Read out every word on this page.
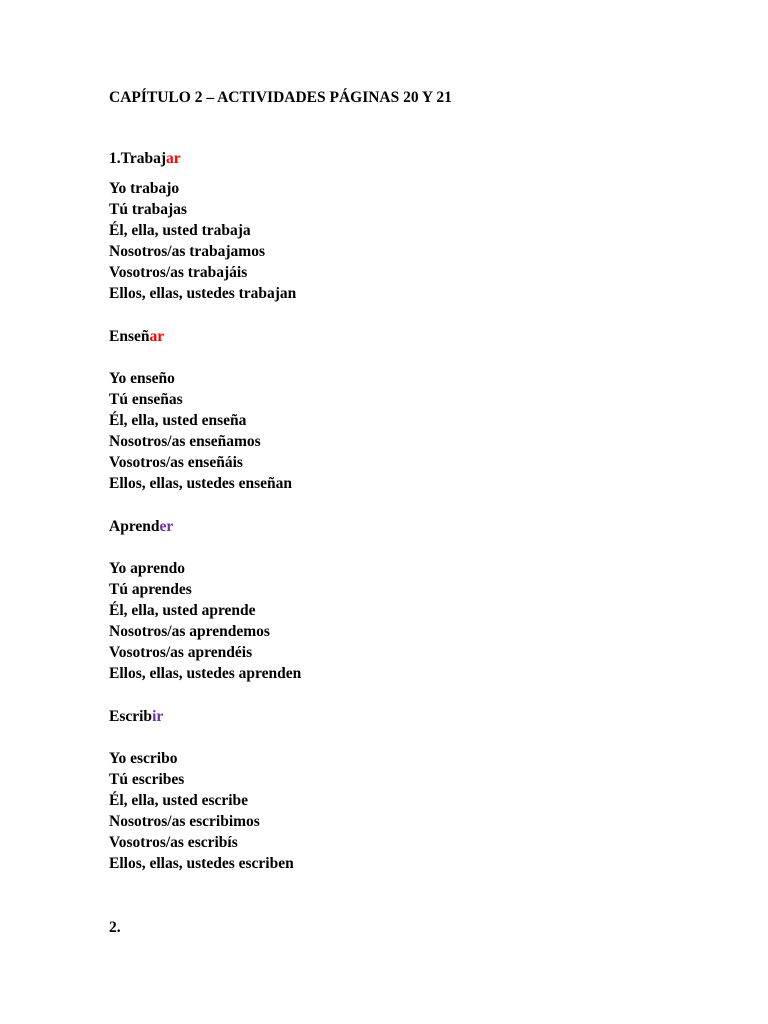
CAPÍTULO 2 – ACTIVIDADES PÁGINAS 20 Y 21
1.Trabajar
Yo trabajo
Tú trabajas
Él, ella, usted trabaja
Nosotros/as trabajamos
Vosotros/as trabajáis
Ellos, ellas, ustedes trabajan
Enseñar
Yo enseño
Tú enseñas
Él, ella, usted enseña
Nosotros/as enseñamos
Vosotros/as enseñáis
Ellos, ellas, ustedes enseñan
Aprender
Yo aprendo
Tú aprendes
Él, ella, usted aprende
Nosotros/as aprendemos
Vosotros/as aprendéis
Ellos, ellas, ustedes aprenden
Escribir
Yo escribo
Tú escribes
Él, ella, usted escribe
Nosotros/as escribimos
Vosotros/as escribís
Ellos, ellas, ustedes escriben
2.
